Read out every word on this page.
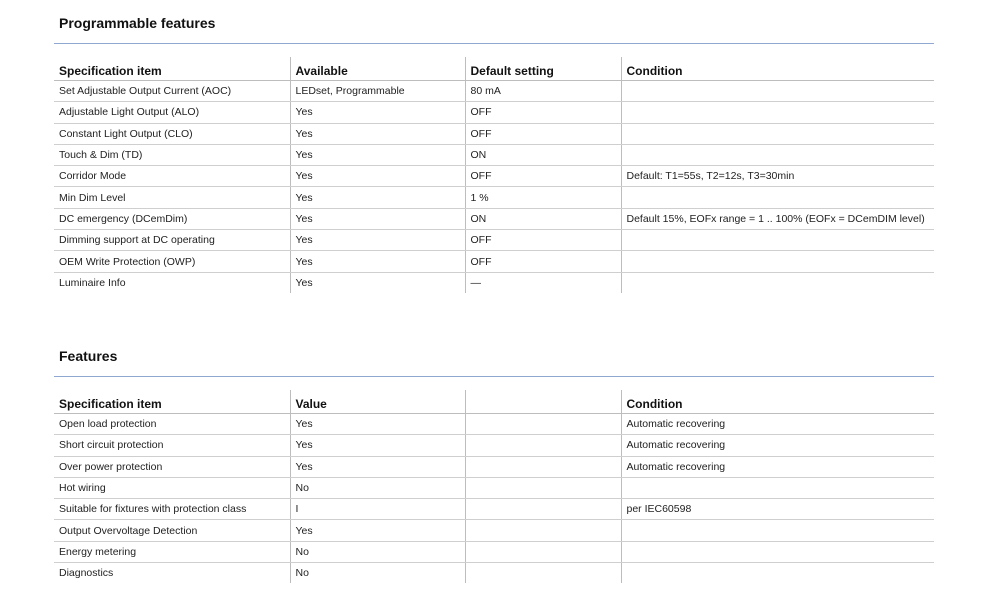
Programmable features
Specification item	Available	Default setting	Condition
Set Adjustable Output Current (AOC)	LEDset, Programmable	80 mA	
Adjustable Light Output (ALO)	Yes	OFF	
Constant Light Output (CLO)	Yes	OFF	
Touch & Dim (TD)	Yes	ON	
Corridor Mode	Yes	OFF	Default: T1=55s, T2=12s, T3=30min
Min Dim Level	Yes	1 %	
DC emergency (DCemDim)	Yes	ON	Default 15%, EOFx range = 1 .. 100% (EOFx = DCemDIM level)
Dimming support at DC operating	Yes	OFF	
OEM Write Protection (OWP)	Yes	OFF	
Luminaire Info	Yes	—	
Features
Specification item	Value		Condition
Open load protection	Yes		Automatic recovering
Short circuit protection	Yes		Automatic recovering
Over power protection	Yes		Automatic recovering
Hot wiring	No		
Suitable for fixtures with protection class	I		per IEC60598
Output Overvoltage Detection	Yes		
Energy metering	No		
Diagnostics	No		
